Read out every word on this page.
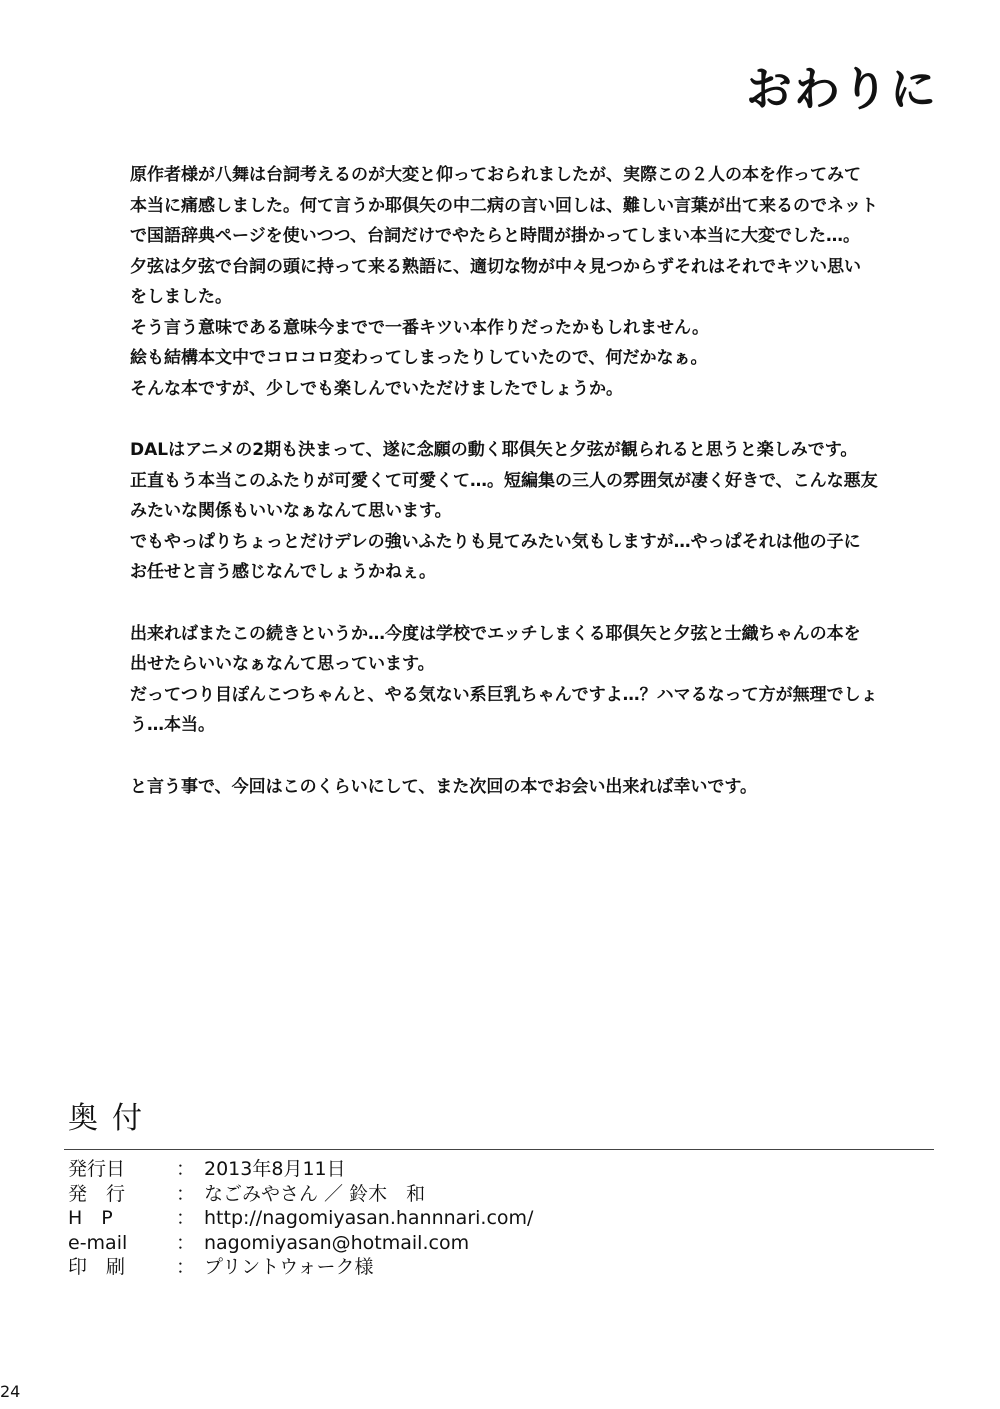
おわりに

原作者様が八舞は台詞考えるのが大変と仰っておられましたが、実際この２人の本を作ってみて
本当に痛感しました。何て言うか耶倶矢の中二病の言い回しは、難しい言葉が出て来るのでネット
で国語辞典ページを使いつつ、台詞だけでやたらと時間が掛かってしまい本当に大変でした…。
夕弦は夕弦で台詞の頭に持って来る熟語に、適切な物が中々見つからずそれはそれでキツい思い
をしました。
そう言う意味である意味今までで一番キツい本作りだったかもしれません。
絵も結構本文中でコロコロ変わってしまったりしていたので、何だかなぁ。
そんな本ですが、少しでも楽しんでいただけましたでしょうか。

DALはアニメの2期も決まって、遂に念願の動く耶倶矢と夕弦が観られると思うと楽しみです。
正直もう本当このふたりが可愛くて可愛くて…。短編集の三人の雰囲気が凄く好きで、こんな悪友
みたいな関係もいいなぁなんて思います。
でもやっぱりちょっとだけデレの強いふたりも見てみたい気もしますが…やっぱそれは他の子に
お任せと言う感じなんでしょうかねぇ。

出来ればまたこの続きというか…今度は学校でエッチしまくる耶倶矢と夕弦と士織ちゃんの本を
出せたらいいなぁなんて思っています。
だってつり目ぽんこつちゃんと、やる気ない系巨乳ちゃんですよ…？ハマるなって方が無理でしょ
う…本当。

と言う事で、今回はこのくらいにして、また次回の本でお会い出来れば幸いです。

奥付
発行日	： 2013年8月11日
発　行	： なごみやさん ／ 鈴木　和
H　P	： http://nagomiyasan.hannnari.com/
e-mail	： nagomiyasan@hotmail.com
印　刷	： プリントウォーク様
24
